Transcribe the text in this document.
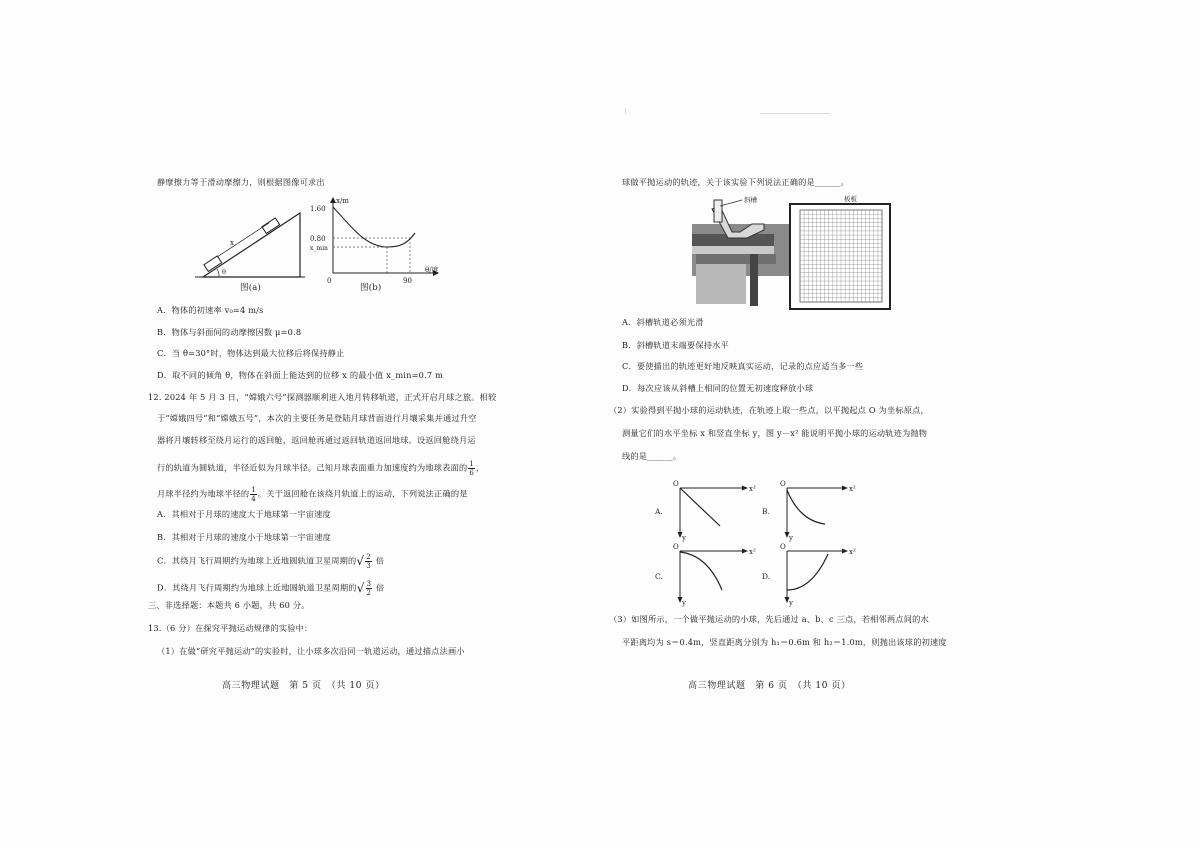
静摩擦力等于滑动摩擦力，则根据图像可求出
x
θ
图(a)
x/m
1.60
0.80
x_min
θ/度
0	90
图(b)
A．物体的初速率 v₀=4 m/s
B．物体与斜面间的动摩擦因数 μ=0.8
C．当 θ=30°时，物体达到最大位移后将保持静止
D．取不同的倾角 θ，物体在斜面上能达到的位移 x 的最小值 x_min=0.7 m
12. 2024 年 5 月 3 日，“嫦娥六号”探测器顺利进入地月转移轨道，正式开启月球之旅。相较
于“嫦娥四号”和“嫦娥五号”，本次的主要任务是登陆月球背面进行月壤采集并通过升空
器将月壤转移至绕月运行的返回舱，返回舱再通过返回轨道返回地球。设返回舱绕月运
行的轨道为圆轨道，半径近似为月球半径。己知月球表面重力加速度约为地球表面的 $\frac{1}{6}$ ，
月球半径约为地球半径的 $\frac{1}{4}$ 。关于返回舱在该绕月轨道上的运动，下列说法正确的是
A．其相对于月球的速度大于地球第一宇宙速度
B．其相对于月球的速度小于地球第一宇宙速度
C．其绕月飞行周期约为地球上近地圆轨道卫星周期的√ $\frac{2}{3}$ 倍
D．其绕月飞行周期约为地球上近地圆轨道卫星周期的√ $\frac{3}{2}$ 倍
三、非选择题：本题共 6 小题，共 60 分。
13.（6 分）在探究平抛运动规律的实验中：
（1）在做“研究平抛运动”的实验时，让小球多次沿同一轨道运动，通过描点法画小
高三物理试题　第 5 页　（共 10 页）
球做平抛运动的轨迹，关于该实验下列说法正确的是______。
斜槽	板板
A．斜槽轨道必须光滑
B．斜槽轨道末端要保持水平
C．要使描出的轨迹更好地反映真实运动，记录的点应适当多一些
D．每次应该从斜槽上相同的位置无初速度释放小球
（2）实验得到平抛小球的运动轨迹，在轨迹上取一些点，以平抛起点 O 为坐标原点，
测量它们的水平坐标 x 和竖直坐标 y，图 y－x² 能说明平抛小球的运动轨迹为抛物
线的是______。
O
x²
y
A.
O
x²
y
B.
O
x²
y
C.
O
x²
y
D.
（3）如图所示，一个做平抛运动的小球，先后通过 a、b、c 三点，若相邻两点间的水
平距离均为 s＝0.4m，竖直距离分别为 h₁＝0.6m 和 h₂＝1.0m，则抛出该球的初速度
高三物理试题　第 6 页　（共 10 页）
